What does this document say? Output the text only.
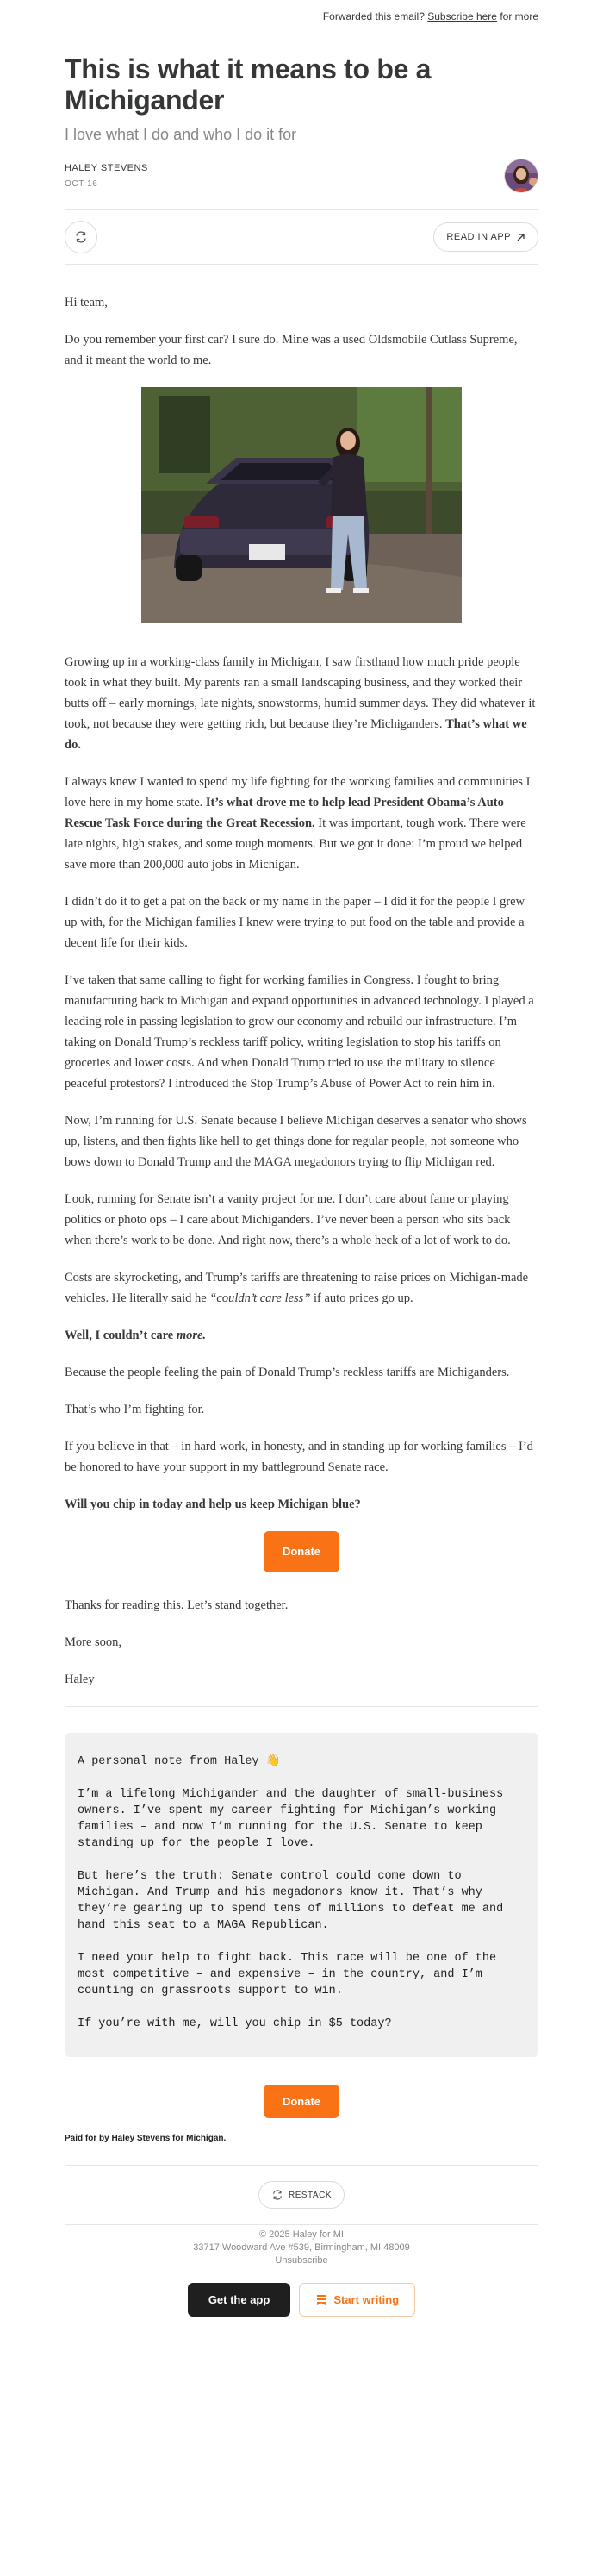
Forwarded this email? Subscribe here for more
This is what it means to be a Michigander
I love what I do and who I do it for
HALEY STEVENS
OCT 16
READ IN APP

Hi team,

Do you remember your first car? I sure do. Mine was a used Oldsmobile Cutlass Supreme, and it meant the world to me.

Growing up in a working-class family in Michigan, I saw firsthand how much pride people took in what they built. My parents ran a small landscaping business, and they worked their butts off – early mornings, late nights, snowstorms, humid summer days. They did whatever it took, not because they were getting rich, but because they’re Michiganders. That’s what we do.

I always knew I wanted to spend my life fighting for the working families and communities I love here in my home state. It’s what drove me to help lead President Obama’s Auto Rescue Task Force during the Great Recession. It was important, tough work. There were late nights, high stakes, and some tough moments. But we got it done: I’m proud we helped save more than 200,000 auto jobs in Michigan.

I didn’t do it to get a pat on the back or my name in the paper – I did it for the people I grew up with, for the Michigan families I knew were trying to put food on the table and provide a decent life for their kids.

I’ve taken that same calling to fight for working families in Congress. I fought to bring manufacturing back to Michigan and expand opportunities in advanced technology. I played a leading role in passing legislation to grow our economy and rebuild our infrastructure. I’m taking on Donald Trump’s reckless tariff policy, writing legislation to stop his tariffs on groceries and lower costs. And when Donald Trump tried to use the military to silence peaceful protestors? I introduced the Stop Trump’s Abuse of Power Act to rein him in.

Now, I’m running for U.S. Senate because I believe Michigan deserves a senator who shows up, listens, and then fights like hell to get things done for regular people, not someone who bows down to Donald Trump and the MAGA megadonors trying to flip Michigan red.

Look, running for Senate isn’t a vanity project for me. I don’t care about fame or playing politics or photo ops – I care about Michiganders. I’ve never been a person who sits back when there’s work to be done. And right now, there’s a whole heck of a lot of work to do.

Costs are skyrocketing, and Trump’s tariffs are threatening to raise prices on Michigan-made vehicles. He literally said he “couldn’t care less” if auto prices go up.

Well, I couldn’t care more.

Because the people feeling the pain of Donald Trump’s reckless tariffs are Michiganders.

That’s who I’m fighting for.

If you believe in that – in hard work, in honesty, and in standing up for working families – I’d be honored to have your support in my battleground Senate race.

Will you chip in today and help us keep Michigan blue?

Donate

Thanks for reading this. Let’s stand together.

More soon,

Haley

A personal note from Haley 👋

I’m a lifelong Michigander and the daughter of small-business owners. I’ve spent my career fighting for Michigan’s working families – and now I’m running for the U.S. Senate to keep standing up for the people I love.

But here’s the truth: Senate control could come down to Michigan. And Trump and his megadonors know it. That’s why they’re gearing up to spend tens of millions to defeat me and hand this seat to a MAGA Republican.

I need your help to fight back. This race will be one of the most competitive – and expensive – in the country, and I’m counting on grassroots support to win.

If you’re with me, will you chip in $5 today?

Donate
Paid for by Haley Stevens for Michigan.
RESTACK
© 2025 Haley for MI
33717 Woodward Ave #539, Birmingham, MI 48009
Unsubscribe
Get the app	Start writing
